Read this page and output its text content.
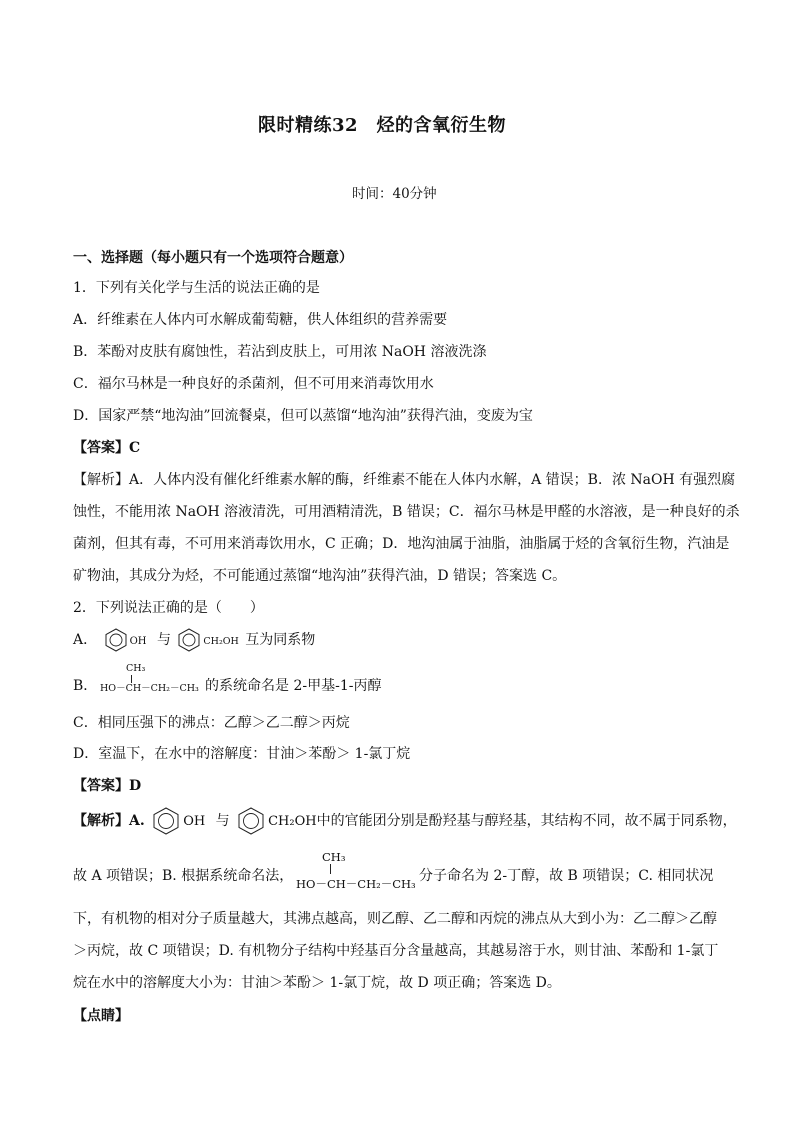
限时精练32　烃的含氧衍生物
时间：40分钟
一、选择题（每小题只有一个选项符合题意）
1．下列有关化学与生活的说法正确的是
A．纤维素在人体内可水解成葡萄糖，供人体组织的营养需要
B．苯酚对皮肤有腐蚀性，若沾到皮肤上，可用浓 NaOH 溶液洗涤
C．福尔马林是一种良好的杀菌剂，但不可用来消毒饮用水
D．国家严禁“地沟油”回流餐桌，但可以蒸馏“地沟油”获得汽油，变废为宝
【答案】C
【解析】A．人体内没有催化纤维素水解的酶，纤维素不能在人体内水解，A 错误；B．浓 NaOH 有强烈腐
蚀性，不能用浓 NaOH 溶液清洗，可用酒精清洗，B 错误；C．福尔马林是甲醛的水溶液，是一种良好的杀
菌剂，但其有毒，不可用来消毒饮用水，C 正确；D．地沟油属于油脂，油脂属于烃的含氧衍生物，汽油是
矿物油，其成分为烃，不可能通过蒸馏“地沟油”获得汽油，D 错误；答案选 C。
2．下列说法正确的是（　　）
A．	OH 与	CH₂OH 互为同系物
B．
CH₃
HO－CH－CH₂－CH₃ 的系统命名是 2-甲基-1-丙醇
C．相同压强下的沸点：乙醇＞乙二醇＞丙烷
D．室温下，在水中的溶解度：甘油＞苯酚＞ 1-氯丁烷
【答案】D
【解析】A.	OH 与	CH₂OH中的官能团分别是酚羟基与醇羟基，其结构不同，故不属于同系物，
故 A 项错误；B. 根据系统命名法，
CH₃
HO－CH－CH₂－CH₃ 分子命名为 2-丁醇，故 B 项错误；C. 相同状况
下，有机物的相对分子质量越大，其沸点越高，则乙醇、乙二醇和丙烷的沸点从大到小为：乙二醇＞乙醇
＞丙烷，故 C 项错误；D. 有机物分子结构中羟基百分含量越高，其越易溶于水，则甘油、苯酚和 1-氯丁
烷在水中的溶解度大小为：甘油＞苯酚＞ 1-氯丁烷，故 D 项正确；答案选 D。
【点睛】
